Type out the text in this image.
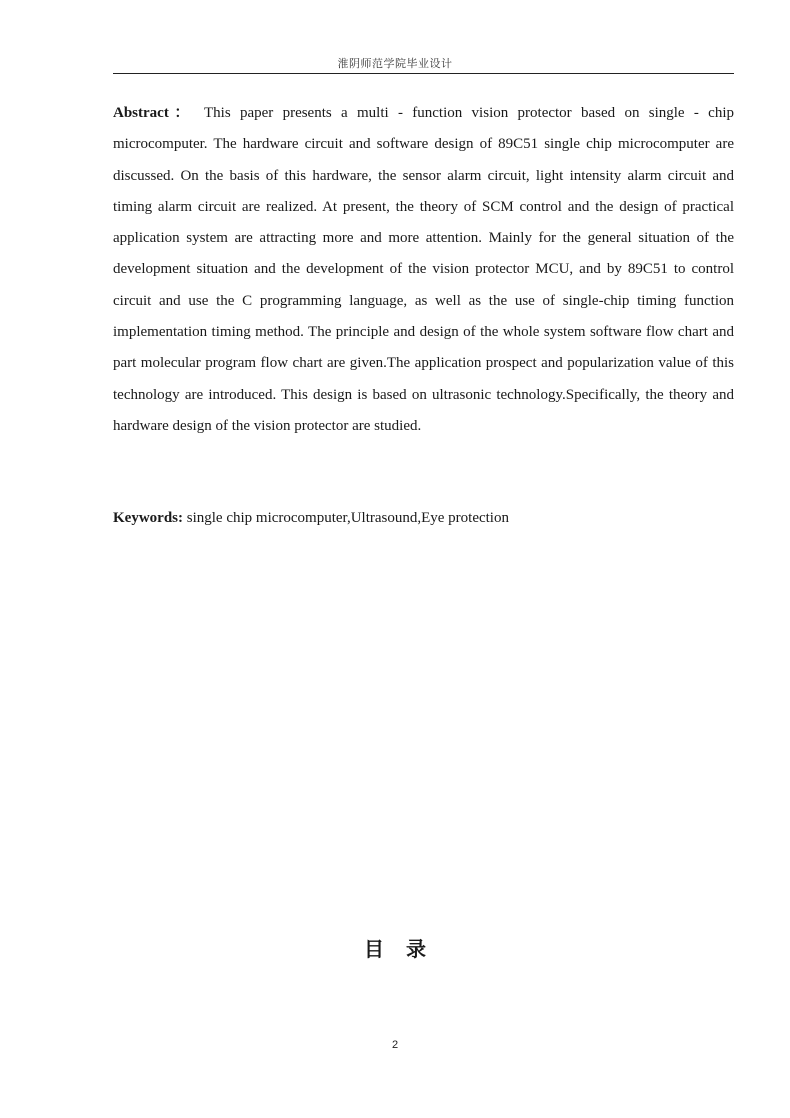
淮阴师范学院毕业设计
Abstract： This paper presents a multi - function vision protector based on single - chip microcomputer. The hardware circuit and software design of 89C51 single chip microcomputer are discussed. On the basis of this hardware, the sensor alarm circuit, light intensity alarm circuit and timing alarm circuit are realized. At present, the theory of SCM control and the design of practical application system are attracting more and more attention. Mainly for the general situation of the development situation and the development of the vision protector MCU, and by 89C51 to control circuit and use the C programming language, as well as the use of single-chip timing function implementation timing method. The principle and design of the whole system software flow chart and part molecular program flow chart are given.The application prospect and popularization value of this technology are introduced. This design is based on ultrasonic technology.Specifically, the theory and hardware design of the vision protector are studied.
Keywords: single chip microcomputer,Ultrasound,Eye protection
目录
2
